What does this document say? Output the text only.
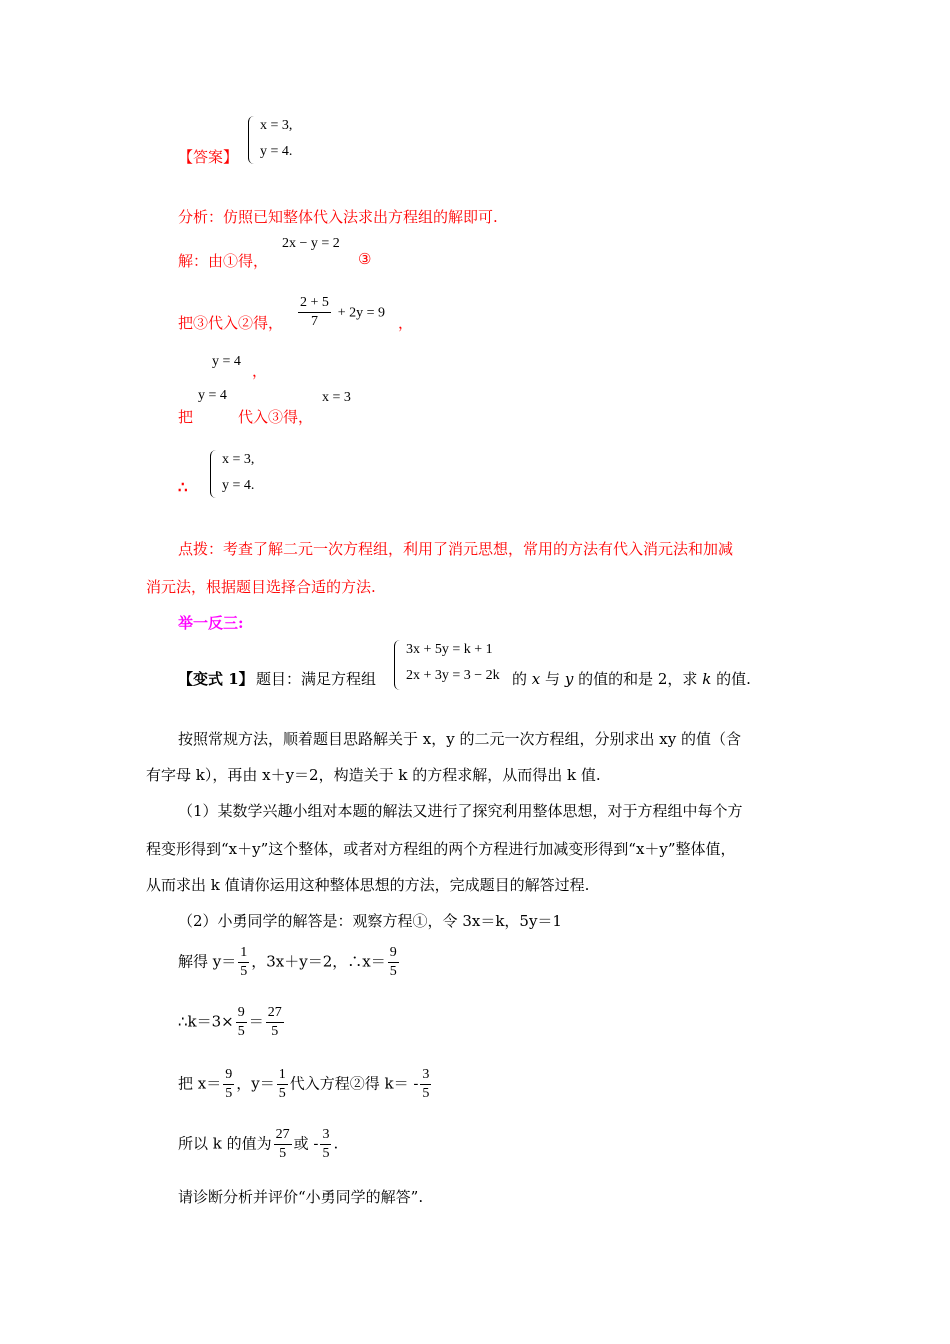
【答案】
x = 3,
y = 4.
分析：仿照已知整体代入法求出方程组的解即可.
解：由①得，
2x − y = 2
③
把③代入②得， $\frac{2 + 5}{7} + 2y = 9$
，
y = 4
，
把
y = 4
代入③得，
x = 3
∴
x = 3,
y = 4.
点拨：考查了解二元一次方程组，利用了消元思想，常用的方法有代入消元法和加减
消元法，根据题目选择合适的方法.
举一反三:
【变式 1】 题目：满足方程组
3x + 5y = k + 1
2x + 3y = 3 − 2k 的 x 与 y 的值的和是 2，求 k 的值.
按照常规方法，顺着题目思路解关于 x，y 的二元一次方程组，分别求出 xy 的值（含
有字母 k），再由 x＋y＝2，构造关于 k 的方程求解，从而得出 k 值.
（1）某数学兴趣小组对本题的解法又进行了探究利用整体思想，对于方程组中每个方
程变形得到“x＋y”这个整体，或者对方程组的两个方程进行加减变形得到“x＋y”整体值，
从而求出 k 值请你运用这种整体思想的方法，完成题目的解答过程.
（2）小勇同学的解答是：观察方程①，令 3x＝k，5y＝1
解得 $y= \frac{1}{5}$ ，3x＋y＝2，∴x＝ $\frac{9}{5}$
∴k＝3× $\frac{9}{5} = \frac{27}{5}$
把 $x= \frac{9}{5}$ ，$y= \frac{1}{5}$ 代入方程②得 $k= - \frac{3}{5}$
所以 k 的值为 $\frac{27}{5}$ 或 - $\frac{3}{5}$ .
请诊断分析并评价“小勇同学的解答”.
